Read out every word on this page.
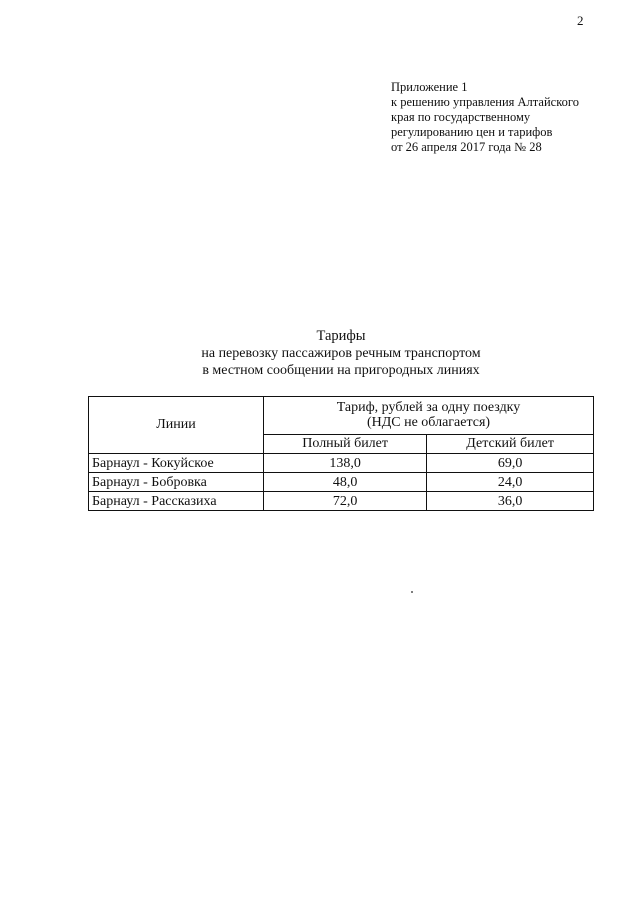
2
Приложение 1
к решению управления Алтайского
края по государственному
регулированию цен и тарифов
от 26 апреля 2017 года № 28
Тарифы
на перевозку пассажиров речным транспортом
в местном сообщении на пригородных линиях
Линии	Тариф, рублей за одну поездку
(НДС не облагается)	

	Полный билет	Детский билет
Барнаул - Кокуйское	138,0	69,0
Барнаул - Бобровка	48,0	24,0
Барнаул - Рассказиха	72,0	36,0
